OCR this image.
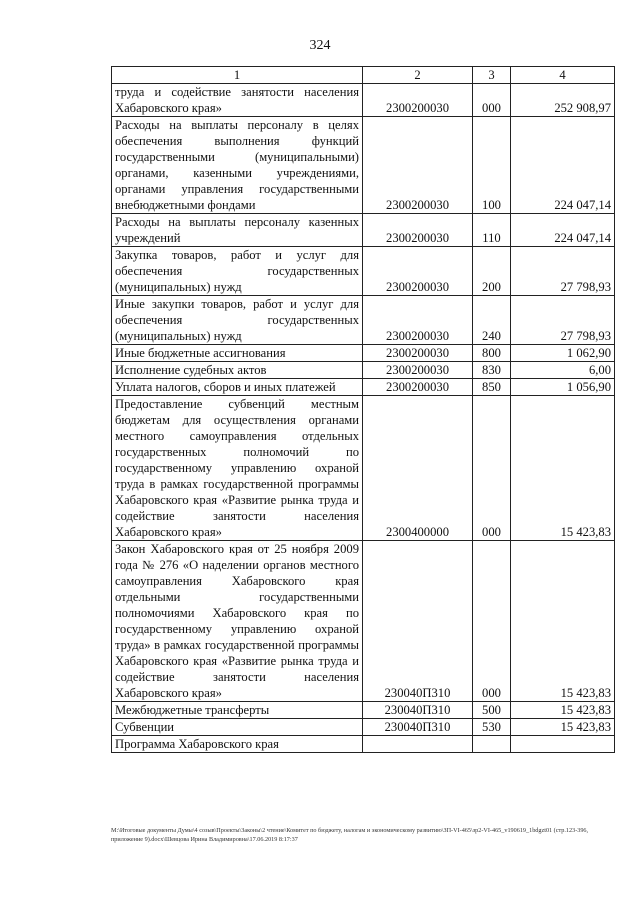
324
1	2	3	4
труда и содействие занятости населения Хабаровского края»	2300200030	000	252 908,97
Расходы на выплаты персоналу в целях обеспечения выполнения функций государственными (муниципальными) органами, казенными учреждениями, органами управления государственными внебюджетными фондами	2300200030	100	224 047,14
Расходы на выплаты персоналу казенных учреждений	2300200030	110	224 047,14
Закупка товаров, работ и услуг для обеспечения государственных (муниципальных) нужд	2300200030	200	27 798,93
Иные закупки товаров, работ и услуг для обеспечения государственных (муниципальных) нужд	2300200030	240	27 798,93
Иные бюджетные ассигнования	2300200030	800	1 062,90
Исполнение судебных актов	2300200030	830	6,00
Уплата налогов, сборов и иных платежей	2300200030	850	1 056,90
Предоставление субвенций местным бюджетам для осуществления органами местного самоуправления отдельных государственных полномочий по государственному управлению охраной труда в рамках государственной программы Хабаровского края «Развитие рынка труда и содействие занятости населения Хабаровского края»	2300400000	000	15 423,83
Закон Хабаровского края от 25 ноября 2009 года № 276 «О наделении органов местного самоуправления Хабаровского края отдельными государственными полномочиями Хабаровского края по государственному управлению охраной труда» в рамках государственной программы Хабаровского края «Развитие рынка труда и содействие занятости населения Хабаровского края»	230040П310	000	15 423,83
Межбюджетные трансферты	230040П310	500	15 423,83
Субвенции	230040П310	530	15 423,83
Программа Хабаровского края			
M:\Итоговые документы Думы\4 созыв\Проекты\Законы\2 чтение\Комитет по бюджету, налогам и экономическому развитию\ЗП-VI-465\зр2-VI-465_v190619_1bdgzt01 (стр.123-396, приложение 9).docx\Шевцова Ирина Владимировна\17.06.2019 8:17:37
